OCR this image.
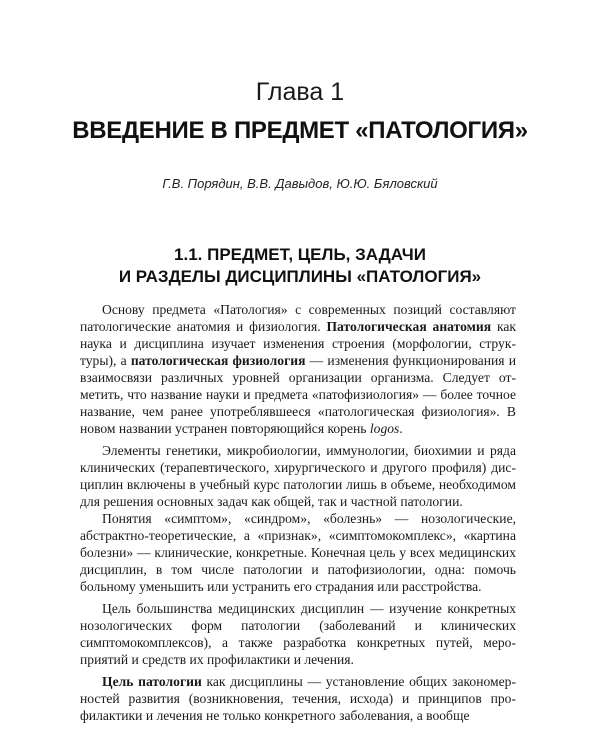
Глава 1
ВВЕДЕНИЕ В ПРЕДМЕТ «ПАТОЛОГИЯ»
Г.В. Порядин, В.В. Давыдов, Ю.Ю. Бяловский
1.1. ПРЕДМЕТ, ЦЕЛЬ, ЗАДАЧИ
И РАЗДЕЛЫ ДИСЦИПЛИНЫ «ПАТОЛОГИЯ»

Основу предмета «Патология» с современных позиций составляют патологические анатомия и физиология. Патологическая анатомия как наука и дисциплина изучает изменения строения (морфологии, структуры), а патологическая физиология — изменения функционирования и взаимосвязи различных уровней организации организма. Следует отметить, что название науки и предмета «патофизиология» — более точное название, чем ранее употреблявшееся «патологическая физиология». В новом названии устранен повторяющийся корень logos.

Элементы генетики, микробиологии, иммунологии, биохимии и ряда клинических (терапевтического, хирургического и другого профиля) дисциплин включены в учебный курс патологии лишь в объеме, необходимом для решения основных задач как общей, так и частной патологии.

Понятия «симптом», «синдром», «болезнь» — нозологические, абстрактно-теоретические, а «признак», «симптомокомплекс», «картина болезни» — клинические, конкретные. Конечная цель у всех медицинских дисциплин, в том числе патологии и патофизиологии, одна: помочь больному уменьшить или устранить его страдания или расстройства.

Цель большинства медицинских дисциплин — изучение конкретных нозологических форм патологии (заболеваний и клинических симптомокомплексов), а также разработка конкретных путей, мероприятий и средств их профилактики и лечения.

Цель патологии как дисциплины — установление общих закономерностей развития (возникновения, течения, исхода) и принципов профилактики и лечения не только конкретного заболевания, а вообще
